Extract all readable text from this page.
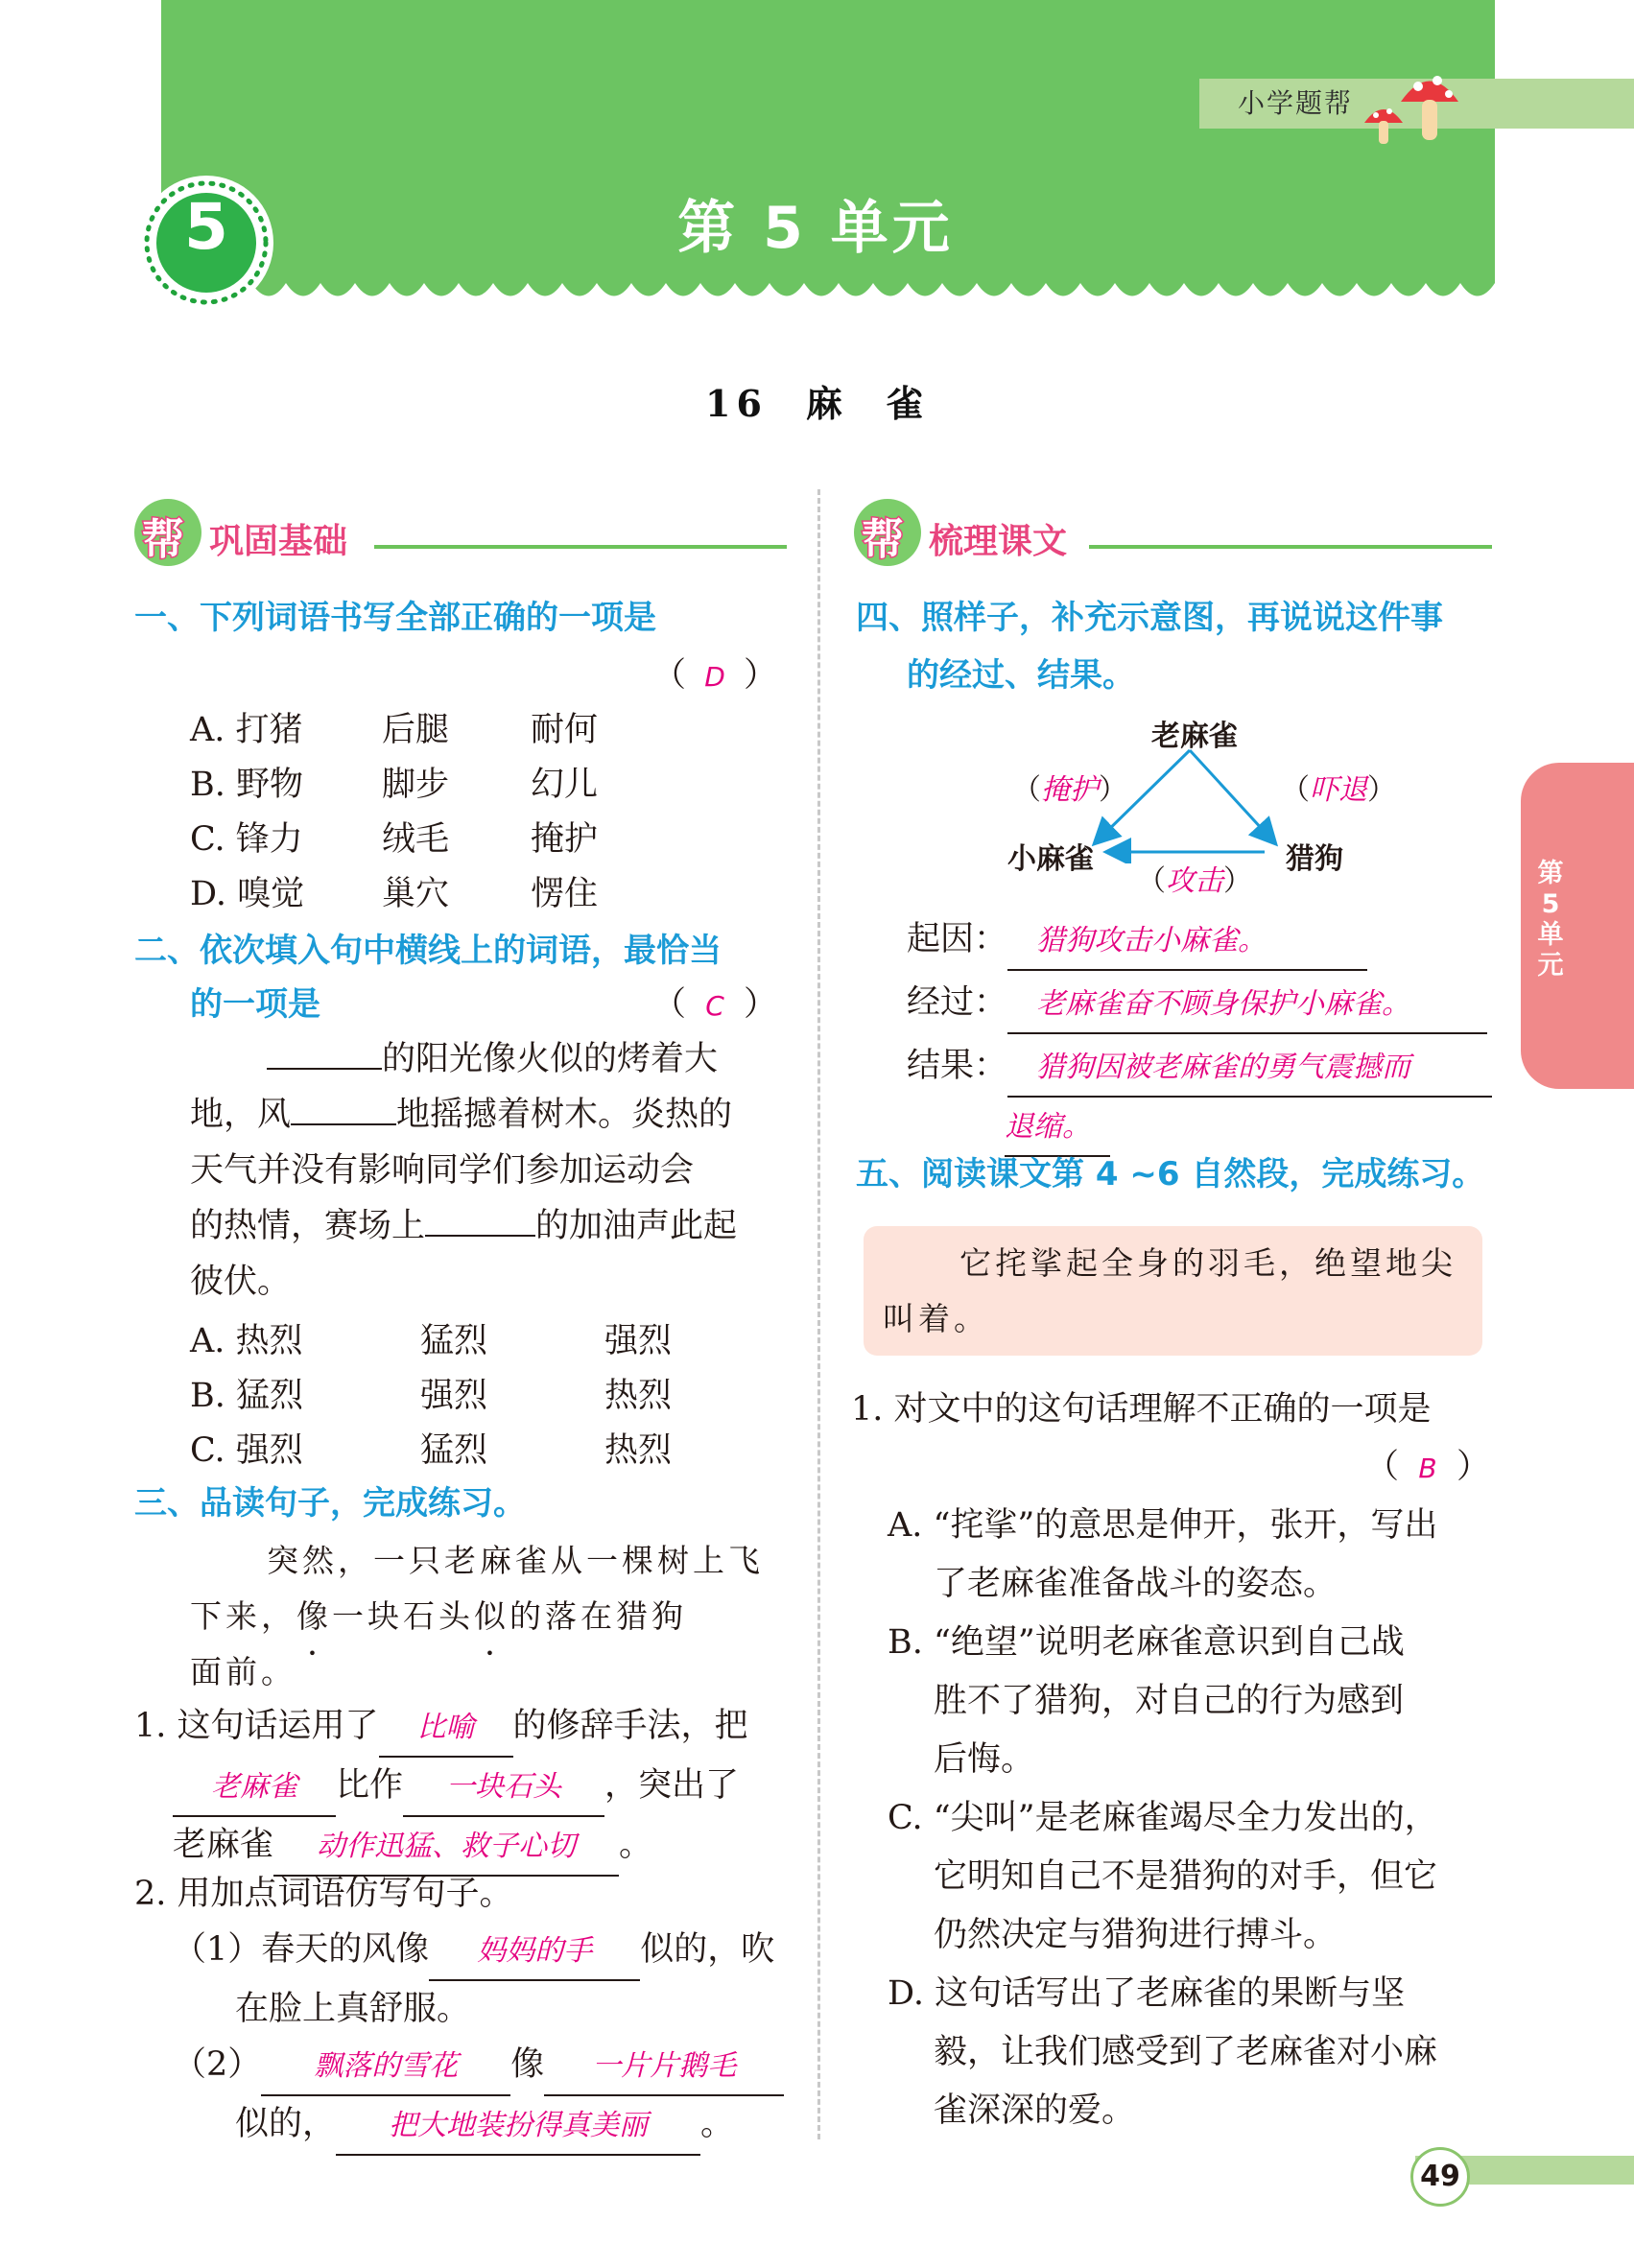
小学题帮
5	第 5 单元
16 麻 雀
第5单元
帮 巩固基础
一、下列词语书写全部正确的一项是
（ D ）
A. 打猪 后腿 耐何
B. 野物 脚步 幻儿
C. 锋力 绒毛 掩护
D. 嗅觉 巢穴 愣住
二、依次填入句中横线上的词语，最恰当
的一项是	（ C ）
的阳光像火似的烤着大
地，风	地摇撼着树木。炎热的
天气并没有影响同学们参加运动会
的热情，赛场上	的加油声此起
彼伏。
A. 热烈	猛烈	强烈
B. 猛烈	强烈	热烈
C. 强烈	猛烈	热烈
三、品读句子，完成练习。
突然，一只老麻雀从一棵树上飞
下来，像一块石头似的落在猎狗
面前。
1. 这句话运用了 比喻 的修辞手法，把
老麻雀 比作 一块石头 ，突出了
老麻雀 动作迅猛、救子心切 。
2. 用加点词语仿写句子。
（1）春天的风像 妈妈的手 似的，吹
在脸上真舒服。
（2） 飘落的雪花 像 一片片鹅毛
似的， 把大地装扮得真美丽 。
帮 梳理课文
四、照样子，补充示意图，再说说这件事
的经过、结果。
老麻雀
小麻雀	猎狗
（掩护）	（吓退）
（攻击）
起因： 猎狗攻击小麻雀。
经过： 老麻雀奋不顾身保护小麻雀。
结果： 猎狗因被老麻雀的勇气震撼而
退缩。
五、阅读课文第 4 ~6 自然段，完成练习。
它挓挲起全身的羽毛，绝望地尖
叫着。
1. 对文中的这句话理解不正确的一项是
（ B ）
A. “挓挲”的意思是伸开，张开，写出
了老麻雀准备战斗的姿态。
B. “绝望”说明老麻雀意识到自己战
胜不了猎狗，对自己的行为感到
后悔。
C. “尖叫”是老麻雀竭尽全力发出的，
它明知自己不是猎狗的对手，但它
仍然决定与猎狗进行搏斗。
D. 这句话写出了老麻雀的果断与坚
毅，让我们感受到了老麻雀对小麻
雀深深的爱。
49
